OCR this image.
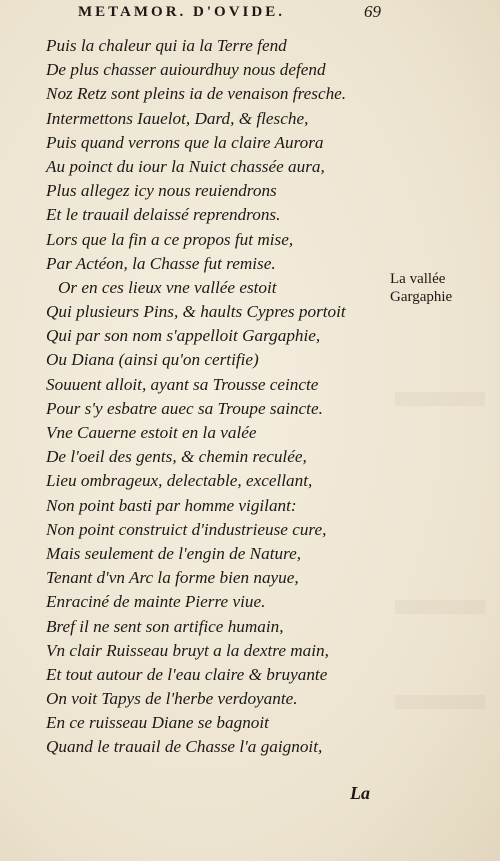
METAMOR. D'OVIDE.	69
Puis la chaleur qui ia la Terre fend
De plus chasser auiourdhuy nous defend
Noz Retz sont pleins ia de venaison fresche.
Intermettons Iauelot, Dard, & flesche,
Puis quand verrons que la claire Aurora
Au poinct du iour la Nuict chassée aura,
Plus allegez icy nous reuiendrons
Et le trauail delaissé reprendrons.
Lors que la fin a ce propos fut mise,
Par Actéon, la Chasse fut remise.
Or en ces lieux vne vallée estoit
Qui plusieurs Pins, & haults Cypres portoit
Qui par son nom s'appelloit Gargaphie,
Ou Diana (ainsi qu'on certifie)
Souuent alloit, ayant sa Trousse ceincte
Pour s'y esbatre auec sa Troupe saincte.
Vne Cauerne estoit en la valée
De l'oeil des gents, & chemin reculée,
Lieu ombrageux, delectable, excellant,
Non point basti par homme vigilant:
Non point construict d'industrieuse cure,
Mais seulement de l'engin de Nature,
Tenant d'vn Arc la forme bien nayue,
Enraciné de mainte Pierre viue.
Bref il ne sent son artifice humain,
Vn clair Ruisseau bruyt a la dextre main,
Et tout autour de l'eau claire & bruyante
On voit Tapys de l'herbe verdoyante.
En ce ruisseau Diane se bagnoit
Quand le trauail de Chasse l'a gaignoit,
La vallée
Gargaphie
La
